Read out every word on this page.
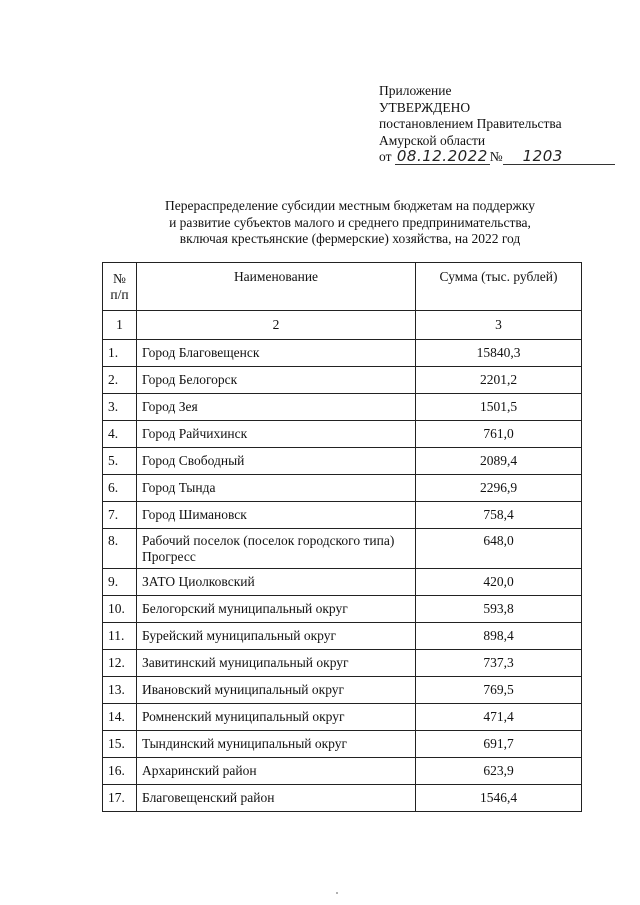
Приложение
УТВЕРЖДЕНО
постановлением Правительства
Амурской области
от 08.12.2022 № 1203
Перераспределение субсидии местным бюджетам на поддержку
и развитие субъектов малого и среднего предпринимательства,
включая крестьянские (фермерские) хозяйства, на 2022 год
№
п/п	Наименование	Сумма (тыс. рублей)
1	2	3
1.	Город Благовещенск	15840,3
2.	Город Белогорск	2201,2
3.	Город Зея	1501,5
4.	Город Райчихинск	761,0
5.	Город Свободный	2089,4
6.	Город Тында	2296,9
7.	Город Шимановск	758,4
8.	Рабочий поселок (поселок городского типа) Прогресс	648,0
9.	ЗАТО Циолковский	420,0
10.	Белогорский муниципальный округ	593,8
11.	Бурейский муниципальный округ	898,4
12.	Завитинский муниципальный округ	737,3
13.	Ивановский муниципальный округ	769,5
14.	Ромненский муниципальный округ	471,4
15.	Тындинский муниципальный округ	691,7
16.	Архаринский район	623,9
17.	Благовещенский район	1546,4
